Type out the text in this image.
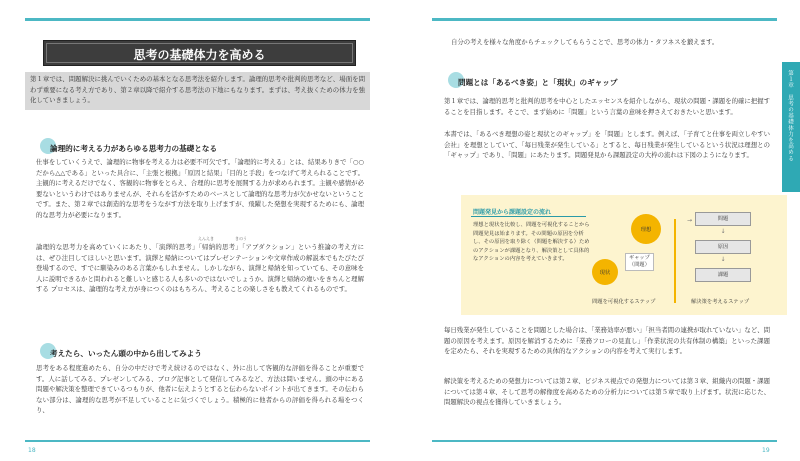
思考の基礎体力を高める

第１章では、問題解決に挑んでいくための基本となる思考法を紹介します。論理的思考や批判的思考など、場面を問わず重要になる考え方であり、第２章以降で紹介する思考法の下地にもなります。まずは、考え抜くための体力を強化していきましょう。

論理的に考える力があらゆる思考力の基礎となる

仕事をしていくうえで、論理的に物事を考える力は必要不可欠です。「論理的に考える」とは、結果ありきで「○○だから△△である」といった具合に、「主張と根拠」「原因と結果」「目的と手段」をつなげて考えられることです。主観的に考えるだけでなく、客観的に物事をとらえ、合理的に思考を展開する力が求められます。主観や感情が必要ないというわけではありませんが、それらを活かすためのベースとして論理的な思考力が欠かせないということです。また、第２章では創造的な思考をうながす方法を取り上げますが、飛躍した発想を実現するためにも、論理的な思考力が必要になります。

論理的な思考力を高めていくにあたり、「演繹的思考」「帰納的思考」「アブダクション」という推論の考え方には、ぜひ注目してほしいと思います。演繹と帰納についてはプレゼンテーションや文章作成の解説本でもたびたび登場するので、すでに馴染みのある言葉かもしれません。しかしながら、演繹と帰納を知っていても、その意味を人に説明できるかと問われると難しいと感じる人も多いのではないでしょうか。演繹と帰納の違いをきちんと理解する プロセスは、論理的な考え方が身につくのはもちろん、考えることの楽しさをも教えてくれるものです。

えんえき	きのう
考えたら、いったん頭の中から出してみよう

思考をある程度進めたら、自分の中だけで考え続けるのではなく、外に出して客観的な評価を得ることが重要です。人に話してみる、プレゼンしてみる、ブログ記事として発信してみるなど、方法は問いません。頭の中にある問題や解決策を整理できているつもりが、他者に伝えようとすると伝わらないポイントが出てきます。その伝わらない部分は、論理的な思考が不足していることに気づくでしょう。積極的に他者からの評価を得られる場をつくり、

18

自分の考えを様々な角度からチェックしてもらうことで、思考の体力・タフネスを鍛えます。

問題とは「あるべき姿」と「現状」のギャップ

第１章では、論理的思考と批判的思考を中心としたエッセンスを紹介しながら、現状の問題・課題を的確に把握することを目指します。そこで、まず始めに「問題」という言葉の意味を押さえておきたいと思います。

本書では、「あるべき理想の姿と現状とのギャップ」を「問題」とします。例えば、「子育てと仕事を両立しやすい会社」を理想としていて、「毎日残業が発生している」とすると、毎日残業が発生しているという状況は理想との「ギャップ」であり、「問題」にあたります。問題発見から課題設定の大枠の流れは下図のようになります。

毎日残業が発生していることを問題とした場合は、「業務効率が悪い」「担当者間の連携が取れていない」など、問題の原因を考えます。原因を解消するために「業務フローの見直し」「作業状況の共有体制の構築」といった課題を定めたら、それを実現するための具体的なアクションの内容を考えて実行します。

解決策を考えるための発想力については第２章、ビジネス視点での発想力については第３章、組織内の問題・課題については第４章、そして思考の解像度を高めるための分析力については第５章で取り上げます。状況に応じた、問題解決の視点を獲得していきましょう。

19
第１章　思考の基礎体力を高める
問題発見から課題設定の流れ

理想と現状を比較し、問題を可視化することから問題発見は始まります。その問題の原因を分析し、その原因を取り除く（問題を解決する）ためのアクションが課題となり、解決策として具体的なアクションの内容を考えていきます。

理想
現状
ギャップ
（問題）
問題
↓
原因
↓
課題
→
問題を可視化するステップ	解決策を考えるステップ
